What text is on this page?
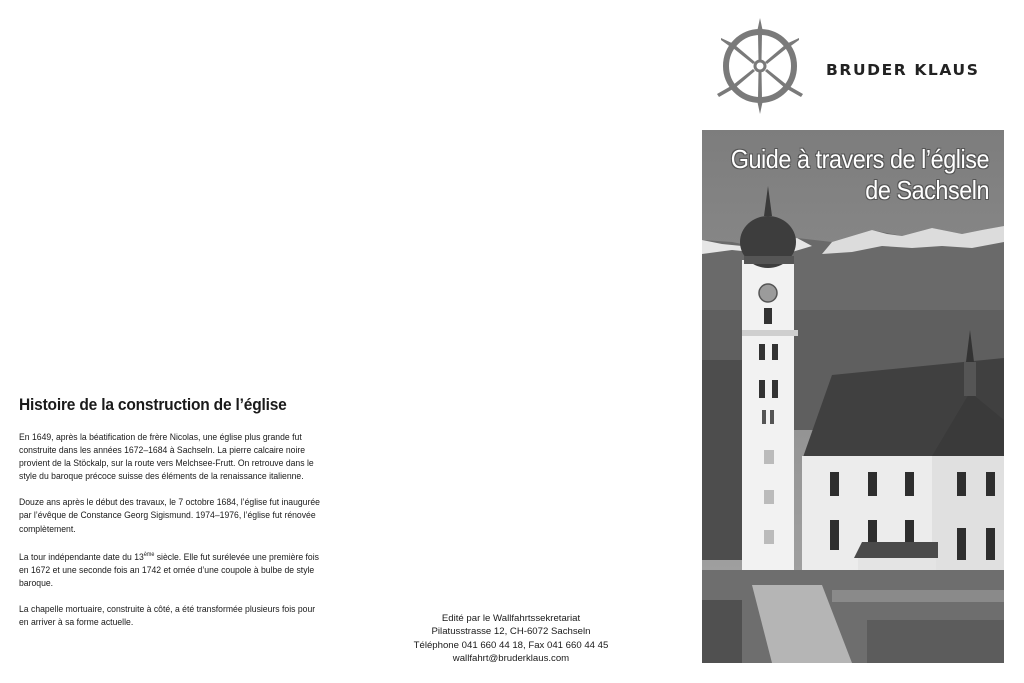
Histoire de la construction de l’église

En 1649, après la béatification de frère Nicolas, une église plus grande fut construite dans les années 1672–1684 à Sachseln. La pierre calcaire noire provient de la Stöckalp, sur la route vers Melchsee-Frutt. On retrouve dans le style du baroque précoce suisse des éléments de la renaissance italienne.

Douze ans après le début des travaux, le 7 octobre 1684, l’église fut inaugurée par l’évêque de Constance Georg Sigismund. 1974–1976, l’église fut rénovée complètement.

La tour indépendante date du 13ème siècle. Elle fut surélevée une première fois en 1672 et une seconde fois an 1742 et ornée d’une coupole à bulbe de style baroque.

La chapelle mortuaire, construite à côté, a été transformée plusieurs fois pour en arriver à sa forme actuelle.	Edité par le Wallfahrtssekretariat
Pilatusstrasse 12, CH-6072 Sachseln
Téléphone 041 660 44 18, Fax 041 660 44 45
wallfahrt@bruderklaus.com
BRUDER KLAUS
Guide à travers de l’église
de Sachseln
